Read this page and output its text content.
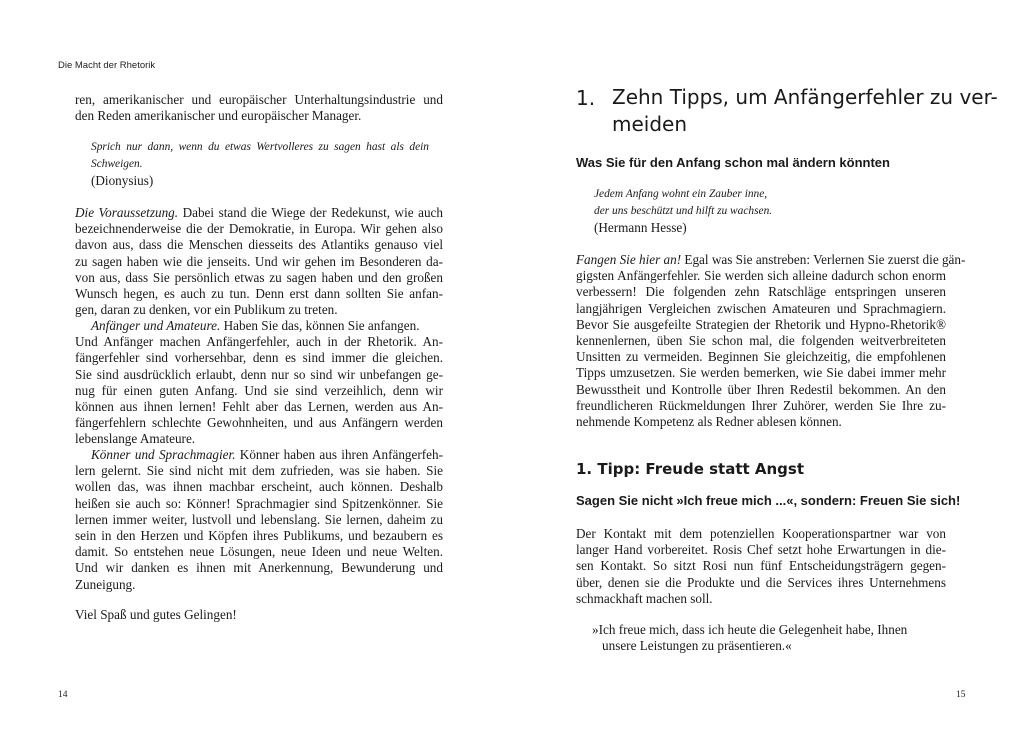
Die Macht der Rhetorik
ren, amerikanischer und europäischer Unterhaltungsindustrie und
den Reden amerikanischer und europäischer Manager.
Sprich nur dann, wenn du etwas Wertvolleres zu sagen hast als dein
Schweigen.
(Dionysius)
Die Voraussetzung. Dabei stand die Wiege der Redekunst, wie auch
bezeichnenderweise die der Demokratie, in Europa. Wir gehen also
davon aus, dass die Menschen diesseits des Atlantiks genauso viel
zu sagen haben wie die jenseits. Und wir gehen im Besonderen da-
von aus, dass Sie persönlich etwas zu sagen haben und den großen
Wunsch hegen, es auch zu tun. Denn erst dann sollten Sie anfan-
gen, daran zu denken, vor ein Publikum zu treten.
Anfänger und Amateure. Haben Sie das, können Sie anfangen.
Und Anfänger machen Anfängerfehler, auch in der Rhetorik. An-
fängerfehler sind vorhersehbar, denn es sind immer die gleichen.
Sie sind ausdrücklich erlaubt, denn nur so sind wir unbefangen ge-
nug für einen guten Anfang. Und sie sind verzeihlich, denn wir
können aus ihnen lernen! Fehlt aber das Lernen, werden aus An-
fängerfehlern schlechte Gewohnheiten, und aus Anfängern werden
lebenslange Amateure.
Könner und Sprachmagier. Könner haben aus ihren Anfängerfeh-
lern gelernt. Sie sind nicht mit dem zufrieden, was sie haben. Sie
wollen das, was ihnen machbar erscheint, auch können. Deshalb
heißen sie auch so: Könner! Sprachmagier sind Spitzenkönner. Sie
lernen immer weiter, lustvoll und lebenslang. Sie lernen, daheim zu
sein in den Herzen und Köpfen ihres Publikums, und bezaubern es
damit. So entstehen neue Lösungen, neue Ideen und neue Welten.
Und wir danken es ihnen mit Anerkennung, Bewunderung und
Zuneigung.
Viel Spaß und gutes Gelingen!
14
1. Zehn Tipps, um Anfängerfehler zu ver-
meiden
Was Sie für den Anfang schon mal ändern könnten
Jedem Anfang wohnt ein Zauber inne,
der uns beschützt und hilft zu wachsen.
(Hermann Hesse)
Fangen Sie hier an! Egal was Sie anstreben: Verlernen Sie zuerst die gän-
gigsten Anfängerfehler. Sie werden sich alleine dadurch schon enorm
verbessern! Die folgenden zehn Ratschläge entspringen unseren
langjährigen Vergleichen zwischen Amateuren und Sprachmagiern.
Bevor Sie ausgefeilte Strategien der Rhetorik und Hypno-Rhetorik®
kennenlernen, üben Sie schon mal, die folgenden weitverbreiteten
Unsitten zu vermeiden. Beginnen Sie gleichzeitig, die empfohlenen
Tipps umzusetzen. Sie werden bemerken, wie Sie dabei immer mehr
Bewusstheit und Kontrolle über Ihren Redestil bekommen. An den
freundlicheren Rückmeldungen Ihrer Zuhörer, werden Sie Ihre zu-
nehmende Kompetenz als Redner ablesen können.
1. Tipp: Freude statt Angst
Sagen Sie nicht »Ich freue mich ...«, sondern: Freuen Sie sich!
Der Kontakt mit dem potenziellen Kooperationspartner war von
langer Hand vorbereitet. Rosis Chef setzt hohe Erwartungen in die-
sen Kontakt. So sitzt Rosi nun fünf Entscheidungsträgern gegen-
über, denen sie die Produkte und die Services ihres Unternehmens
schmackhaft machen soll.
»Ich freue mich, dass ich heute die Gelegenheit habe, Ihnen
unsere Leistungen zu präsentieren.«
15
